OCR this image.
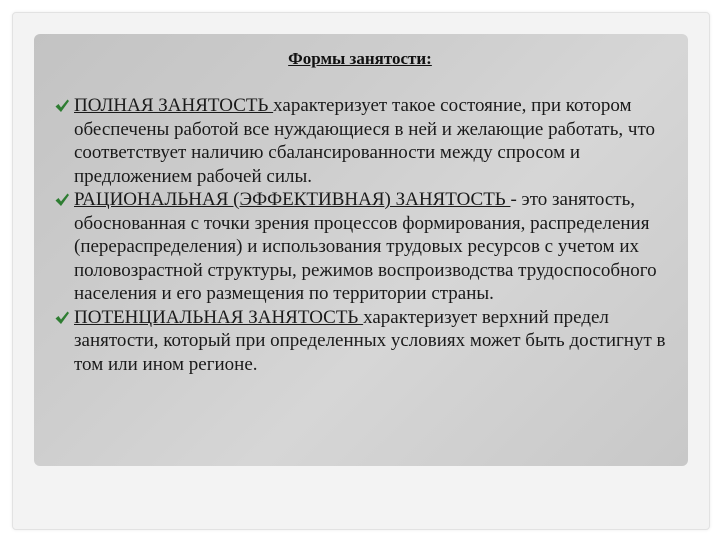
Формы занятости:
ПОЛНАЯ ЗАНЯТОСТЬ характеризует такое состояние, при котором обеспечены работой все нуждающиеся в ней и желающие работать, что соответствует наличию сбалансированности между спросом и предложением рабочей силы.
РАЦИОНАЛЬНАЯ (ЭФФЕКТИВНАЯ) ЗАНЯТОСТЬ - это занятость, обоснованная с точки зрения процессов формирования, распределения (перераспределения) и использования трудовых ресурсов с учетом их половозрастной структуры, режимов воспроизводства трудоспособного населения и его размещения по территории страны.
ПОТЕНЦИАЛЬНАЯ ЗАНЯТОСТЬ характеризует верхний предел занятости, который при определенных условиях может быть достигнут в том или ином регионе.
